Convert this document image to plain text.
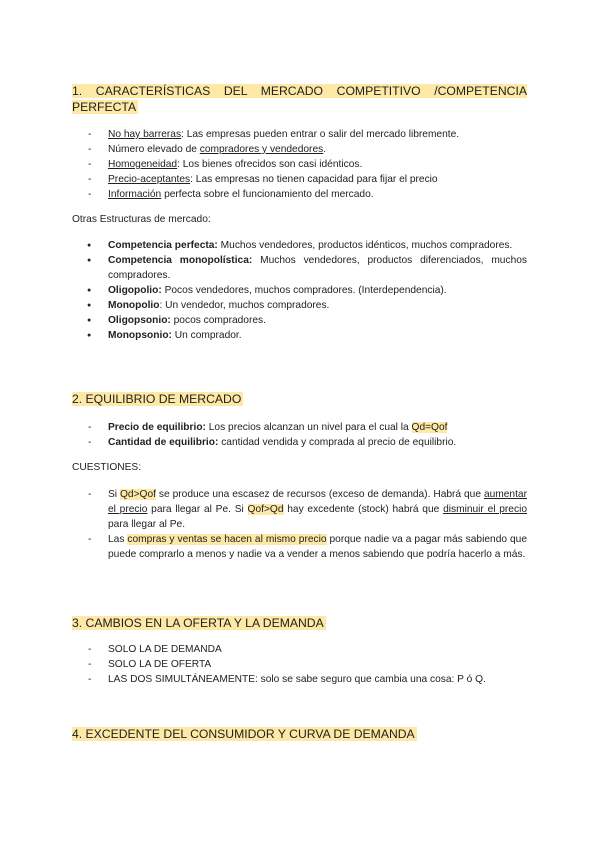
1. CARACTERÍSTICAS DEL MERCADO COMPETITIVO /COMPETENCIA PERFECTA
- No hay barreras: Las empresas pueden entrar o salir del mercado libremente.
- Número elevado de compradores y vendedores.
- Homogeneidad: Los bienes ofrecidos son casi idénticos.
- Precio-aceptantes: Las empresas no tienen capacidad para fijar el precio
- Información perfecta sobre el funcionamiento del mercado.

Otras Estructuras de mercado:

● Competencia perfecta: Muchos vendedores, productos idénticos, muchos compradores.
● Competencia monopolística: Muchos vendedores, productos diferenciados, muchos compradores.
● Oligopolio: Pocos vendedores, muchos compradores. (Interdependencia).
● Monopolio: Un vendedor, muchos compradores.
● Oligopsonio: pocos compradores.
● Monopsonio: Un comprador.
2. EQUILIBRIO DE MERCADO
- Precio de equilibrio: Los precios alcanzan un nivel para el cual la Qd=Qof
- Cantidad de equilibrio: cantidad vendida y comprada al precio de equilibrio.

CUESTIONES:

- Si Qd>Qof se produce una escasez de recursos (exceso de demanda). Habrá que aumentar el precio para llegar al Pe. Si Qof>Qd hay excedente (stock) habrá que disminuir el precio para llegar al Pe.
- Las compras y ventas se hacen al mismo precio porque nadie va a pagar más sabiendo que puede comprarlo a menos y nadie va a vender a menos sabiendo que podría hacerlo a más.
3. CAMBIOS EN LA OFERTA Y LA DEMANDA
- SOLO LA DE DEMANDA
- SOLO LA DE OFERTA
- LAS DOS SIMULTÁNEAMENTE: solo se sabe seguro que cambia una cosa: P ó Q.
4. EXCEDENTE DEL CONSUMIDOR Y CURVA DE DEMANDA
